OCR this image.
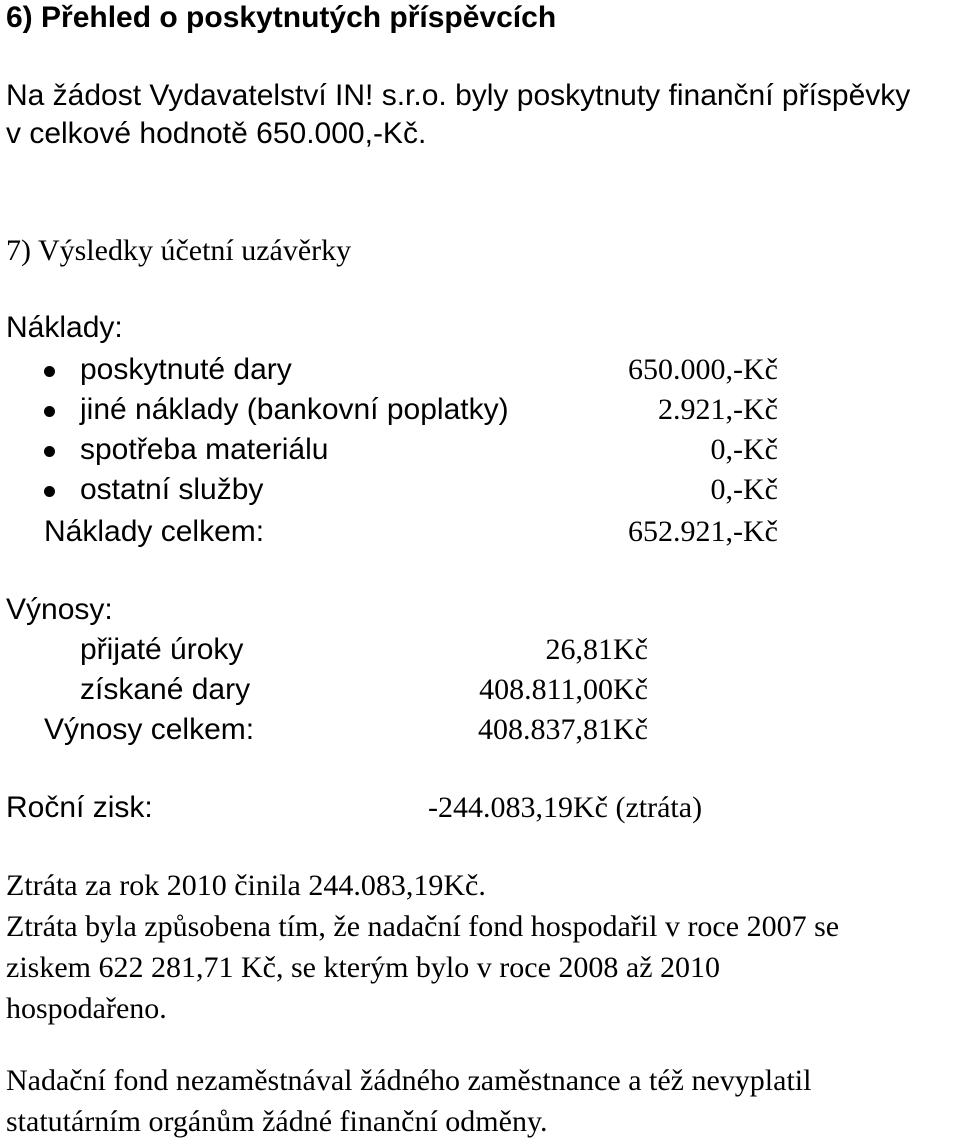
6) Přehled o poskytnutých příspěvcích
Na žádost Vydavatelství IN! s.r.o. byly poskytnuty finanční příspěvky
v celkové hodnotě 650.000,-Kč.
7) Výsledky účetní uzávěrky
Náklady:
poskytnuté dary	650.000,-Kč
jiné náklady (bankovní poplatky)	2.921,-Kč
spotřeba materiálu	0,-Kč
ostatní služby	0,-Kč
Náklady celkem:	652.921,-Kč
Výnosy:
přijaté úroky	26,81Kč
získané dary	408.811,00Kč
Výnosy celkem:	408.837,81Kč
Roční zisk:	-244.083,19Kč (ztráta)
Ztráta za rok 2010 činila 244.083,19Kč.
Ztráta byla způsobena tím, že nadační fond hospodařil v roce 2007 se
ziskem 622 281,71 Kč, se kterým bylo v roce 2008 až 2010
hospodařeno.
Nadační fond nezaměstnával žádného zaměstnance a též nevyplatil
statutárním orgánům žádné finanční odměny.
